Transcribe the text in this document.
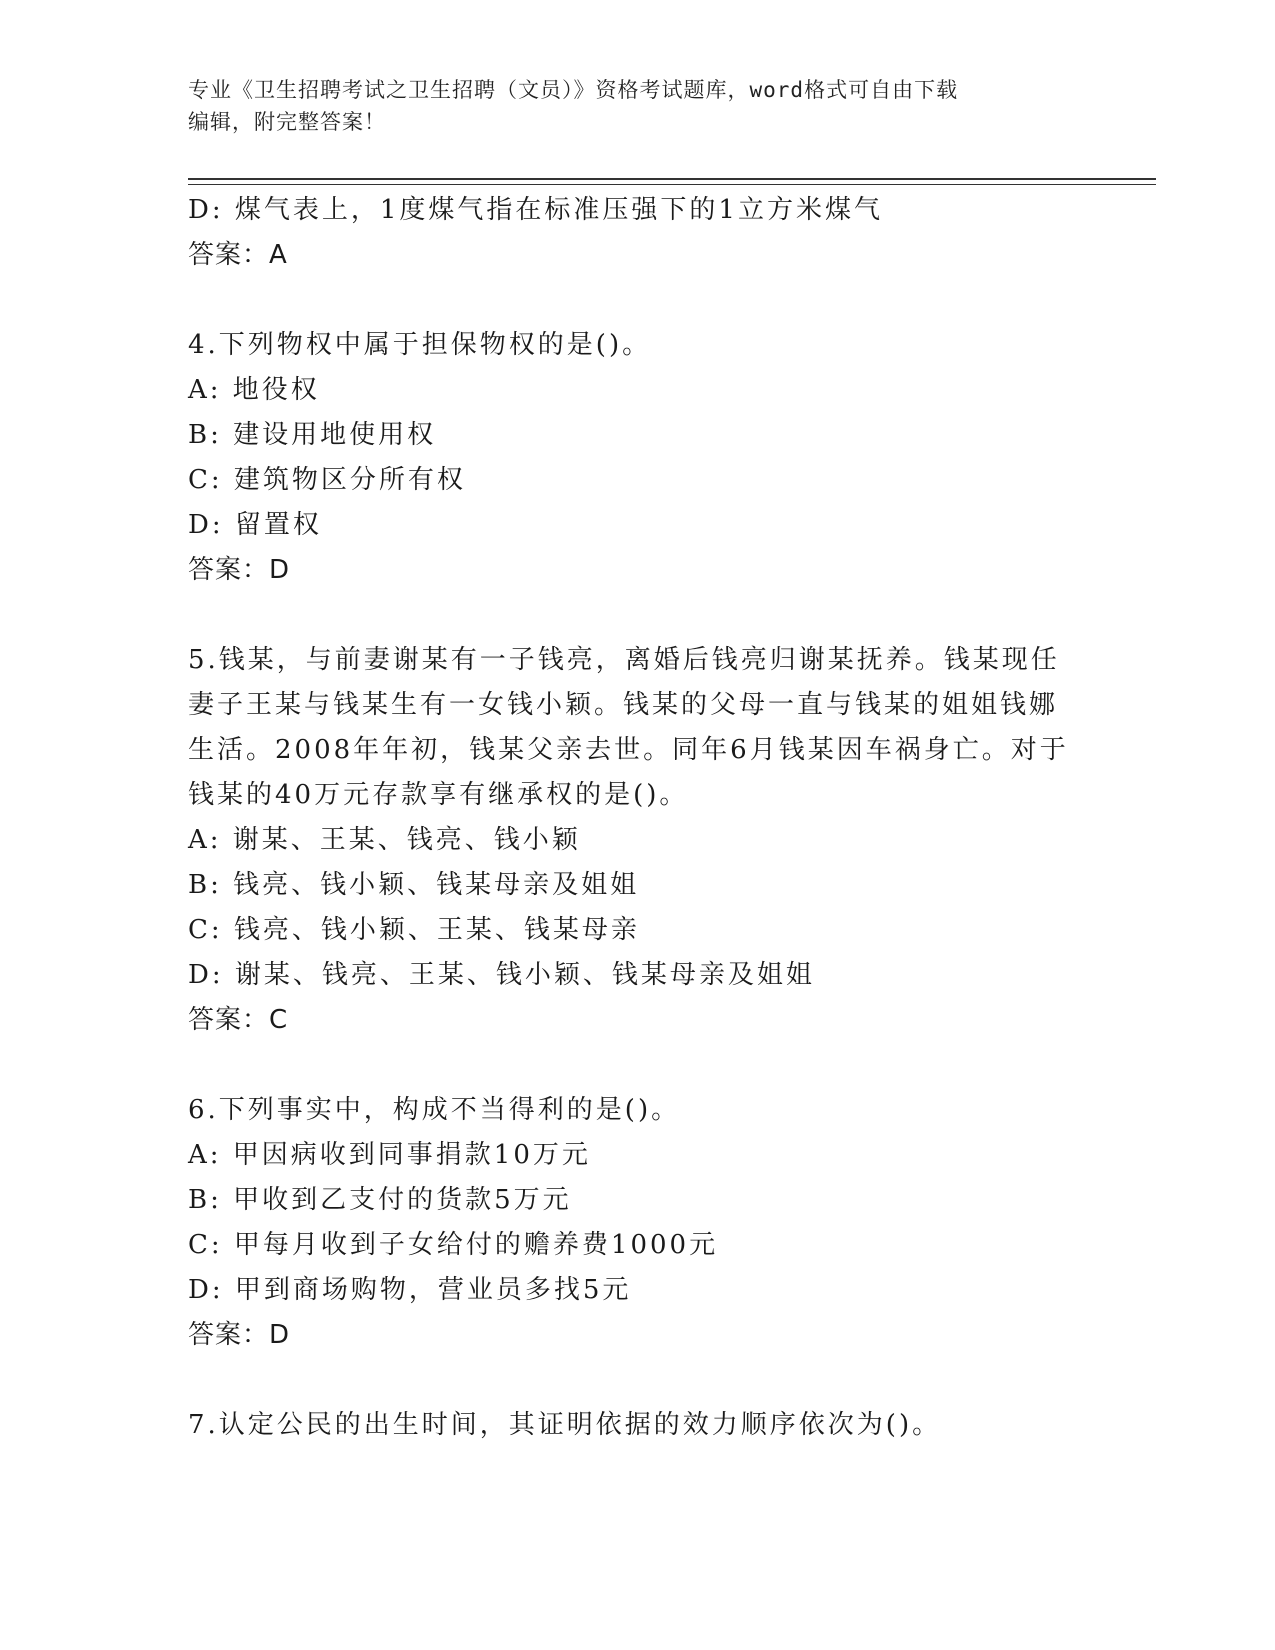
专业《卫生招聘考试之卫生招聘（文员）》资格考试题库，word格式可自由下载
编辑，附完整答案！
D: 煤气表上，1度煤气指在标准压强下的1立方米煤气
答案：A
4.下列物权中属于担保物权的是()。
A: 地役权
B: 建设用地使用权
C: 建筑物区分所有权
D: 留置权
答案：D
5.钱某，与前妻谢某有一子钱亮，离婚后钱亮归谢某抚养。钱某现任
妻子王某与钱某生有一女钱小颖。钱某的父母一直与钱某的姐姐钱娜
生活。2008年年初，钱某父亲去世。同年6月钱某因车祸身亡。对于
钱某的40万元存款享有继承权的是()。
A: 谢某、王某、钱亮、钱小颖
B: 钱亮、钱小颖、钱某母亲及姐姐
C: 钱亮、钱小颖、王某、钱某母亲
D: 谢某、钱亮、王某、钱小颖、钱某母亲及姐姐
答案：C
6.下列事实中，构成不当得利的是()。
A: 甲因病收到同事捐款10万元
B: 甲收到乙支付的货款5万元
C: 甲每月收到子女给付的赡养费1000元
D: 甲到商场购物，营业员多找5元
答案：D
7.认定公民的出生时间，其证明依据的效力顺序依次为()。
